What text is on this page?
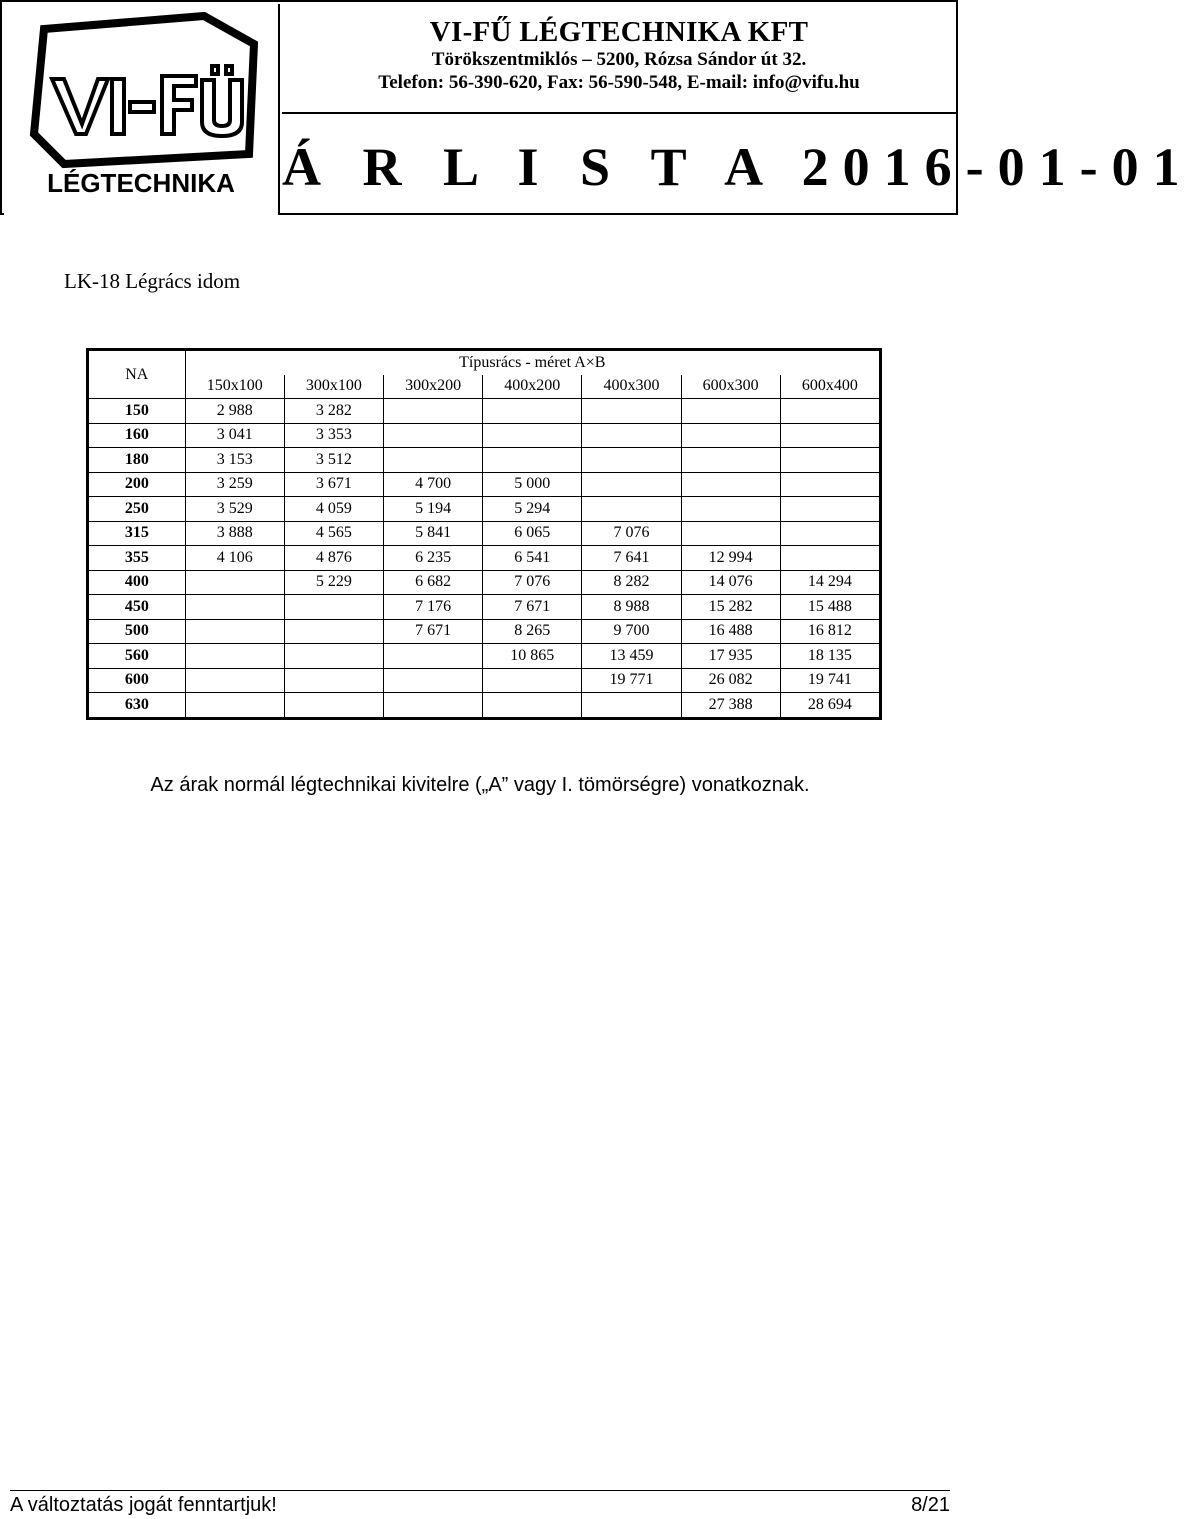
LÉGTECHNIKA
VI-FŰ LÉGTECHNIKA KFT
Törökszentmiklós – 5200, Rózsa Sándor út 32.
Telefon: 56-390-620, Fax: 56-590-548, E-mail: info@vifu.hu
Á R L I S T A 2016-01-01
LK-18 Légrács idom
NA	Típusrács - méret A×B						
	150x100	300x100	300x200	400x200	400x300	600x300	600x400
150	2 988	3 282					
160	3 041	3 353					
180	3 153	3 512					
200	3 259	3 671	4 700	5 000			
250	3 529	4 059	5 194	5 294			
315	3 888	4 565	5 841	6 065	7 076		
355	4 106	4 876	6 235	6 541	7 641	12 994	
400		5 229	6 682	7 076	8 282	14 076	14 294
450			7 176	7 671	8 988	15 282	15 488
500			7 671	8 265	9 700	16 488	16 812
560				10 865	13 459	17 935	18 135
600					19 771	26 082	19 741
630						27 388	28 694
Az árak normál légtechnikai kivitelre („A” vagy I. tömörségre) vonatkoznak.
A változtatás jogát fenntartjuk!	8/21
